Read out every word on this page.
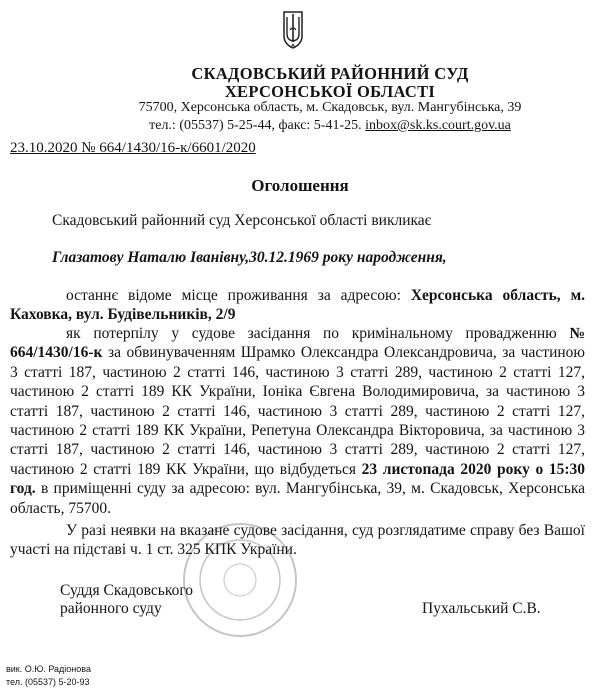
СКАДОВСЬКИЙ РАЙОННИЙ СУД
ХЕРСОНСЬКОЇ ОБЛАСТІ
75700, Херсонська область, м. Скадовськ, вул. Мангубінська, 39
тел.: (05537) 5-25-44, факс: 5-41-25. inbox@sk.ks.court.gov.ua
23.10.2020 № 664/1430/16-к/6601/2020
Оголошення
Скадовський районний суд Херсонської області викликає
Глазатову Наталю Іванівну,30.12.1969 року народження,
останнє відоме місце проживання за адресою: Херсонська область, м. Каховка, вул. Будівельників, 2/9
як потерпілу у судове засідання по кримінальному провадженню № 664/1430/16-к за обвинуваченням Шрамко Олександра Олександровича, за частиною 3 статті 187, частиною 2 статті 146, частиною 3 статті 289, частиною 2 статті 127, частиною 2 статті 189 КК України, Іоніка Євгена Володимировича, за частиною 3 статті 187, частиною 2 статті 146, частиною 3 статті 289, частиною 2 статті 127, частиною 2 статті 189 КК України, Репетуна Олександра Вікторовича, за частиною 3 статті 187, частиною 2 статті 146, частиною 3 статті 289, частиною 2 статті 127, частиною 2 статті 189 КК України, що відбудеться 23 листопада 2020 року о 15:30 год. в приміщенні суду за адресою: вул. Мангубінська, 39, м. Скадовськ, Херсонська область, 75700.
У разі неявки на вказане судове засідання, суд розглядатиме справу без Вашої участі на підставі ч. 1 ст. 325 КПК України.
Суддя Скадовського
районного суду	Пухальський С.В.
вик. О.Ю. Радіонова
тел. (05537) 5-20-93
